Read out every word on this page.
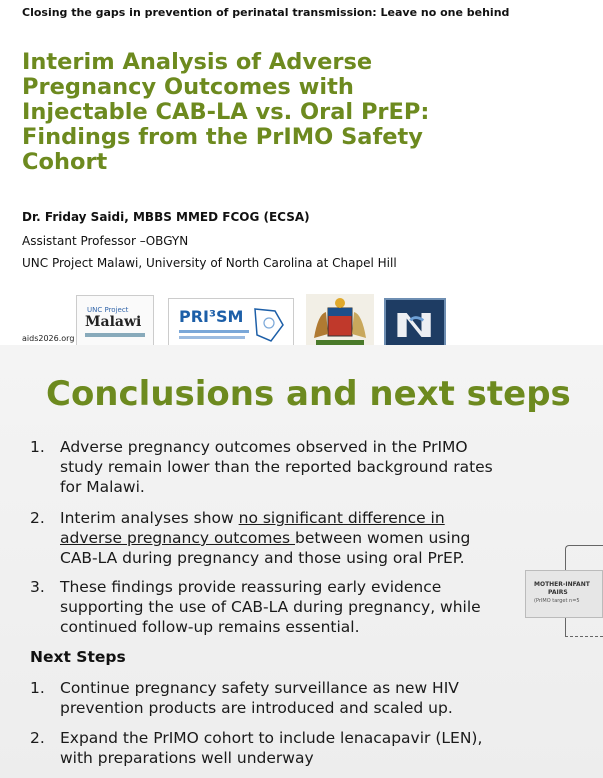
Closing the gaps in prevention of perinatal transmission: Leave no one behind
Interim Analysis of Adverse Pregnancy Outcomes with Injectable CAB-LA vs. Oral PrEP: Findings from the PrIMO Safety Cohort
Dr. Friday Saidi, MBBS MMED FCOG (ECSA)
Assistant Professor –OBGYN
UNC Project Malawi, University of North Carolina at Chapel Hill
aids2026.org
UNC Project
Malawi PRI³SM
Conclusions and next steps
1. Adverse pregnancy outcomes observed in the PrIMO study remain lower than the reported background rates for Malawi.
2. Interim analyses show no significant difference in adverse pregnancy outcomes between women using CAB-LA during pregnancy and those using oral PrEP.
3. These findings provide reassuring early evidence supporting the use of CAB-LA during pregnancy, while continued follow-up remains essential.
Next Steps
1. Continue pregnancy safety surveillance as new HIV prevention products are introduced and scaled up.
2. Expand the PrIMO cohort to include lenacapavir (LEN), with preparations well underway
MOTHER-INFANT
PAIRS
(PrIMO target n=5
